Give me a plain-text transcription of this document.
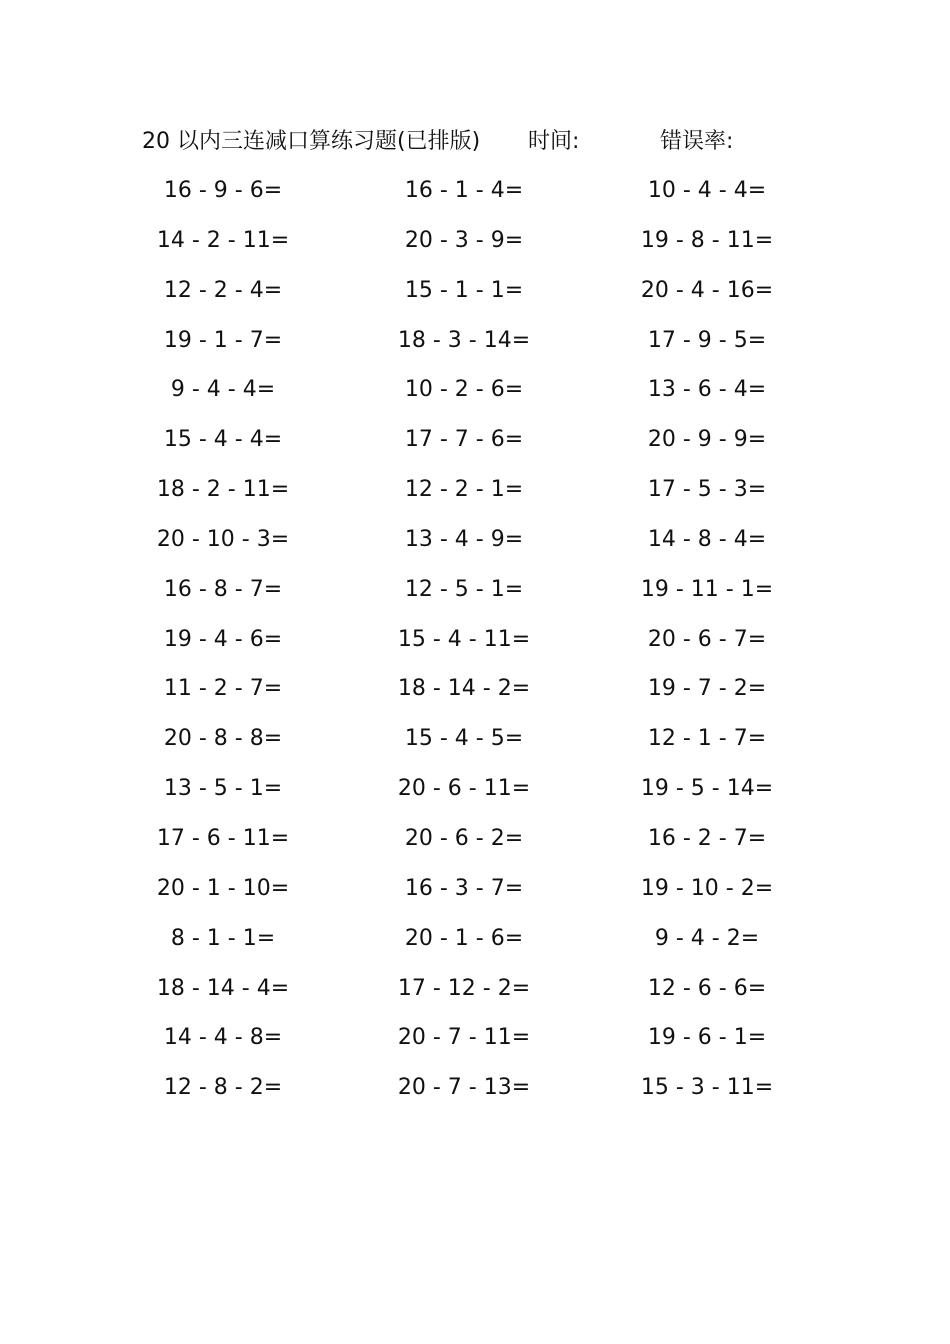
20 以内三连减口算练习题(已排版) 时间:	错误率:
16 - 9 - 6=	16 - 1 - 4=	10 - 4 - 4=
14 - 2 - 11=	20 - 3 - 9=	19 - 8 - 11=
12 - 2 - 4=	15 - 1 - 1=	20 - 4 - 16=
19 - 1 - 7=	18 - 3 - 14=	17 - 9 - 5=
9 - 4 - 4=	10 - 2 - 6=	13 - 6 - 4=
15 - 4 - 4=	17 - 7 - 6=	20 - 9 - 9=
18 - 2 - 11=	12 - 2 - 1=	17 - 5 - 3=
20 - 10 - 3=	13 - 4 - 9=	14 - 8 - 4=
16 - 8 - 7=	12 - 5 - 1=	19 - 11 - 1=
19 - 4 - 6=	15 - 4 - 11=	20 - 6 - 7=
11 - 2 - 7=	18 - 14 - 2=	19 - 7 - 2=
20 - 8 - 8=	15 - 4 - 5=	12 - 1 - 7=
13 - 5 - 1=	20 - 6 - 11=	19 - 5 - 14=
17 - 6 - 11=	20 - 6 - 2=	16 - 2 - 7=
20 - 1 - 10=	16 - 3 - 7=	19 - 10 - 2=
8 - 1 - 1=	20 - 1 - 6=	9 - 4 - 2=
18 - 14 - 4=	17 - 12 - 2=	12 - 6 - 6=
14 - 4 - 8=	20 - 7 - 11=	19 - 6 - 1=
12 - 8 - 2=	20 - 7 - 13=	15 - 3 - 11=
